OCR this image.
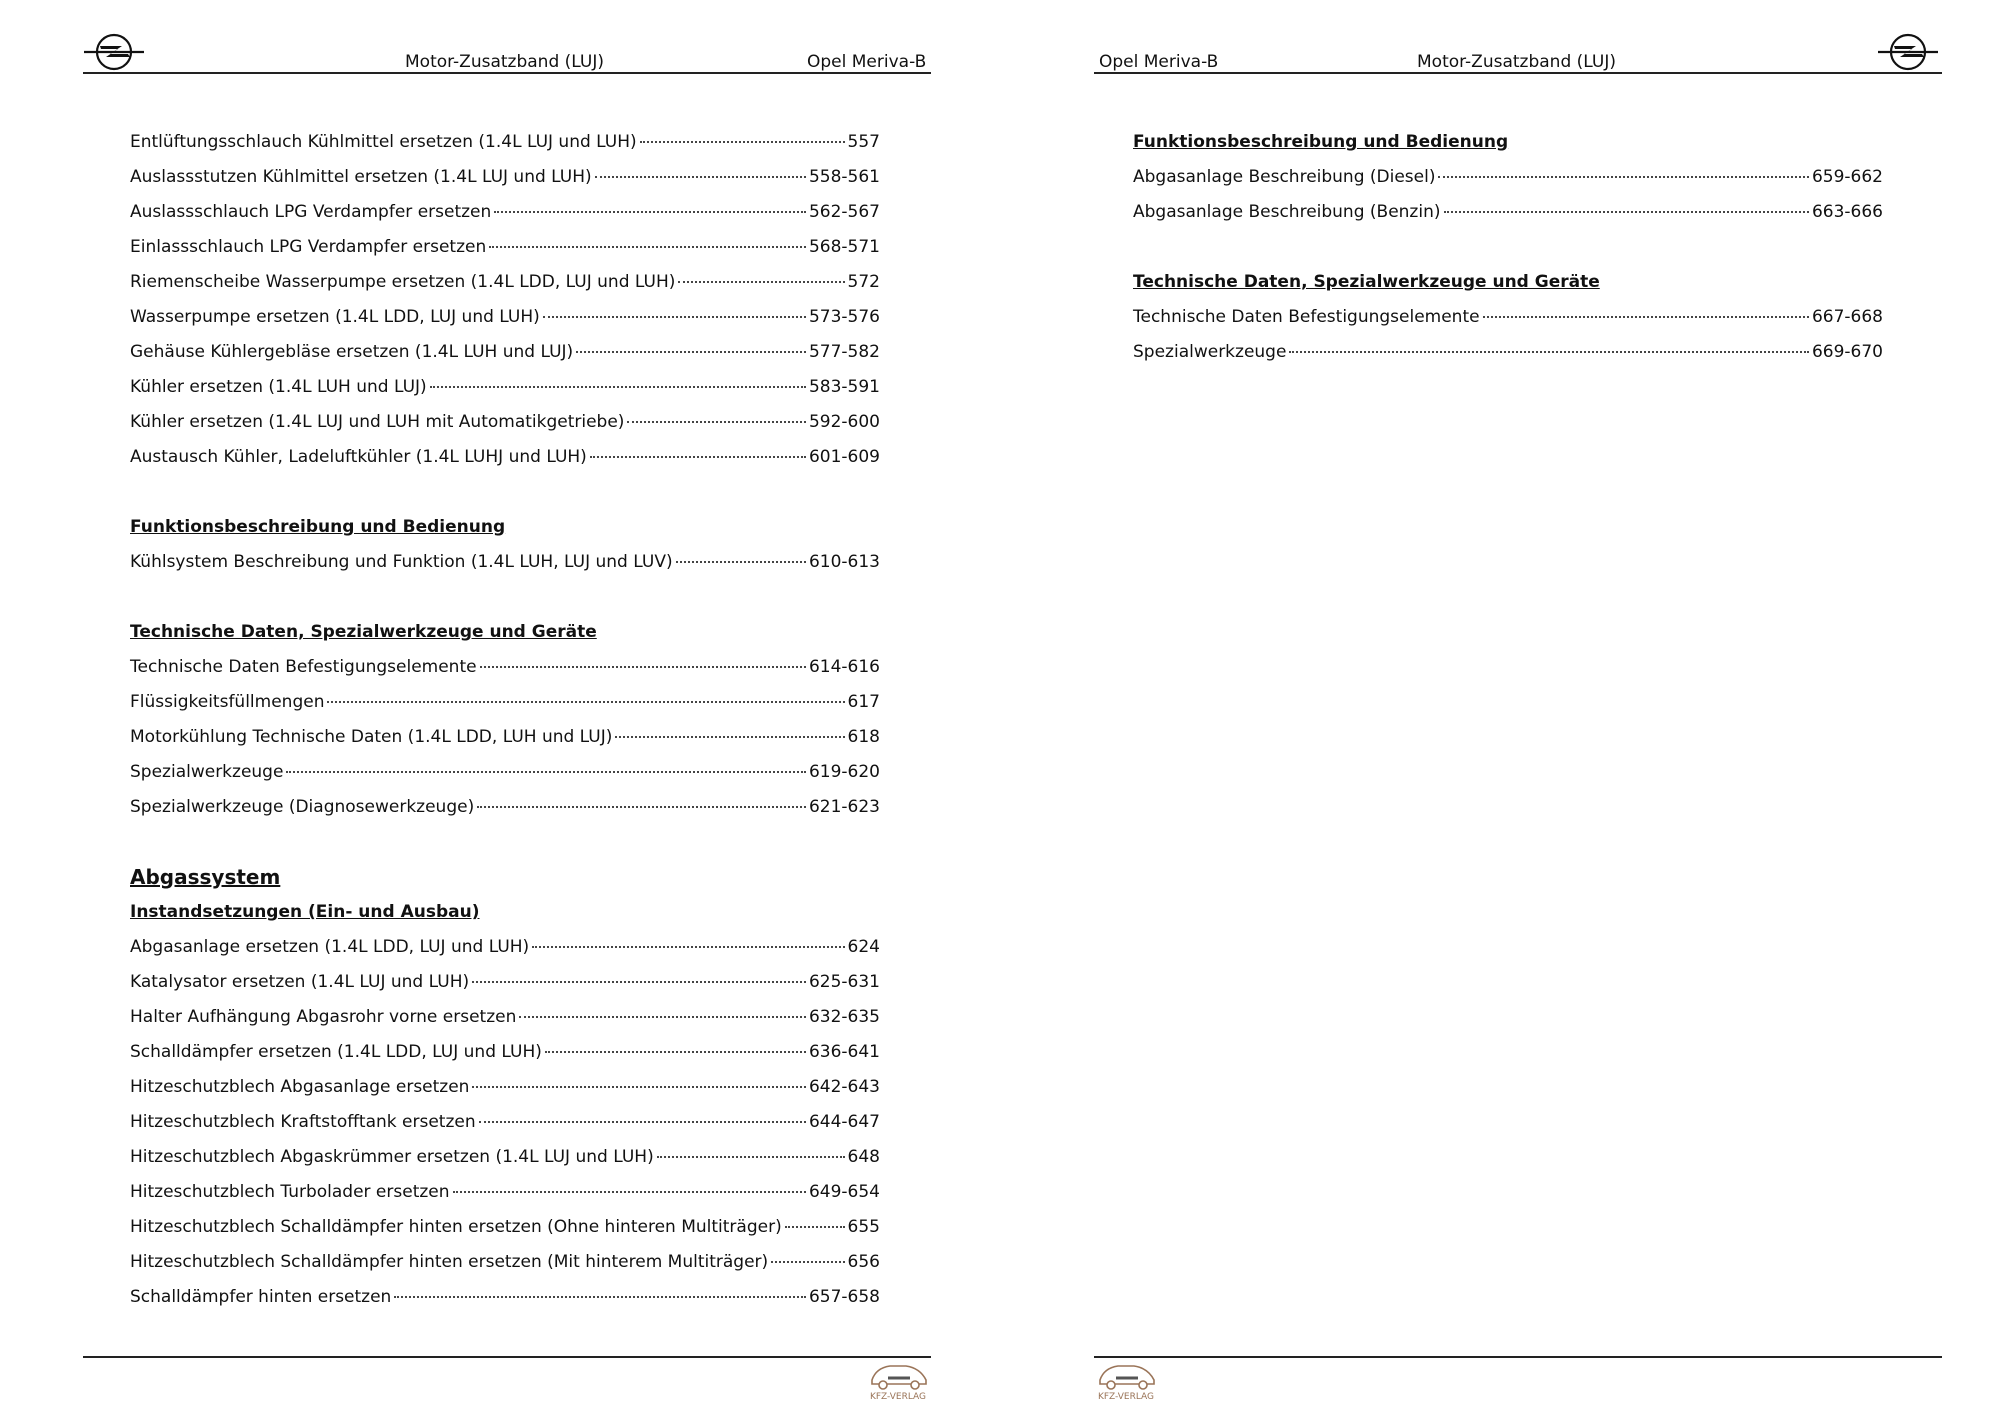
Motor-Zusatzband (LUJ)	Opel Meriva-B
Entlüftungsschlauch Kühlmittel ersetzen (1.4L LUJ und LUH)	557
Auslassstutzen Kühlmittel ersetzen (1.4L LUJ und LUH)	558-561
Auslassschlauch LPG Verdampfer ersetzen	562-567
Einlassschlauch LPG Verdampfer ersetzen	568-571
Riemenscheibe Wasserpumpe ersetzen (1.4L LDD, LUJ und LUH)	572
Wasserpumpe ersetzen (1.4L LDD, LUJ und LUH)	573-576
Gehäuse Kühlergebläse ersetzen (1.4L LUH und LUJ)	577-582
Kühler ersetzen (1.4L LUH und LUJ)	583-591
Kühler ersetzen (1.4L LUJ und LUH mit Automatikgetriebe)	592-600
Austausch Kühler, Ladeluftkühler (1.4L LUHJ und LUH)	601-609
Funktionsbeschreibung und Bedienung
Kühlsystem Beschreibung und Funktion (1.4L LUH, LUJ und LUV)	610-613
Technische Daten, Spezialwerkzeuge und Geräte
Technische Daten Befestigungselemente	614-616
Flüssigkeitsfüllmengen	617
Motorkühlung Technische Daten (1.4L LDD, LUH und LUJ)	618
Spezialwerkzeuge	619-620
Spezialwerkzeuge (Diagnosewerkzeuge)	621-623
Abgassystem
Instandsetzungen (Ein- und Ausbau)
Abgasanlage ersetzen (1.4L LDD, LUJ und LUH)	624
Katalysator ersetzen (1.4L LUJ und LUH)	625-631
Halter Aufhängung Abgasrohr vorne ersetzen	632-635
Schalldämpfer ersetzen (1.4L LDD, LUJ und LUH)	636-641
Hitzeschutzblech Abgasanlage ersetzen	642-643
Hitzeschutzblech Kraftstofftank ersetzen	644-647
Hitzeschutzblech Abgaskrümmer ersetzen (1.4L LUJ und LUH)	648
Hitzeschutzblech Turbolader ersetzen	649-654
Hitzeschutzblech Schalldämpfer hinten ersetzen (Ohne hinteren Multiträger)	655
Hitzeschutzblech Schalldämpfer hinten ersetzen (Mit hinterem Multiträger)	656
Schalldämpfer hinten ersetzen	657-658
KFZ-VERLAG
Opel Meriva-B	Motor-Zusatzband (LUJ)
Funktionsbeschreibung und Bedienung
Abgasanlage Beschreibung (Diesel)	659-662
Abgasanlage Beschreibung (Benzin)	663-666
Technische Daten, Spezialwerkzeuge und Geräte
Technische Daten Befestigungselemente	667-668
Spezialwerkzeuge	669-670
KFZ-VERLAG
